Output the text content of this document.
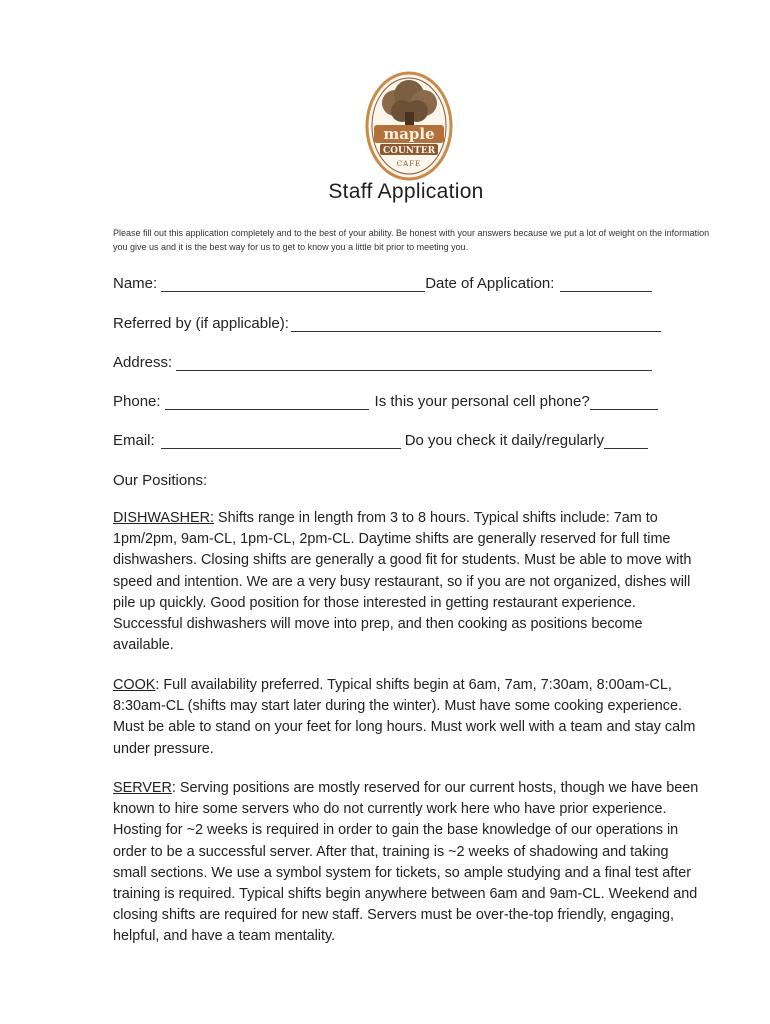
maple
COUNTER
CAFE
Staff Application
Please fill out this application completely and to the best of your ability. Be honest with your answers because we put a lot of weight on the information you give us and it is the best way for us to get to know you a little bit prior to meeting you.
Name:	Date of Application:
Referred by (if applicable):
Address:
Phone:	Is this your personal cell phone?
Email:	Do you check it daily/regularly
Our Positions:
DISHWASHER: Shifts range in length from 3 to 8 hours. Typical shifts include: 7am to 1pm/2pm, 9am-CL, 1pm-CL, 2pm-CL. Daytime shifts are generally reserved for full time dishwashers. Closing shifts are generally a good fit for students. Must be able to move with speed and intention. We are a very busy restaurant, so if you are not organized, dishes will pile up quickly. Good position for those interested in getting restaurant experience. Successful dishwashers will move into prep, and then cooking as positions become available.
COOK: Full availability preferred. Typical shifts begin at 6am, 7am, 7:30am, 8:00am-CL, 8:30am-CL (shifts may start later during the winter). Must have some cooking experience. Must be able to stand on your feet for long hours. Must work well with a team and stay calm under pressure.
SERVER: Serving positions are mostly reserved for our current hosts, though we have been known to hire some servers who do not currently work here who have prior experience. Hosting for ~2 weeks is required in order to gain the base knowledge of our operations in order to be a successful server. After that, training is ~2 weeks of shadowing and taking small sections. We use a symbol system for tickets, so ample studying and a final test after training is required. Typical shifts begin anywhere between 6am and 9am-CL. Weekend and closing shifts are required for new staff. Servers must be over-the-top friendly, engaging, helpful, and have a team mentality.
